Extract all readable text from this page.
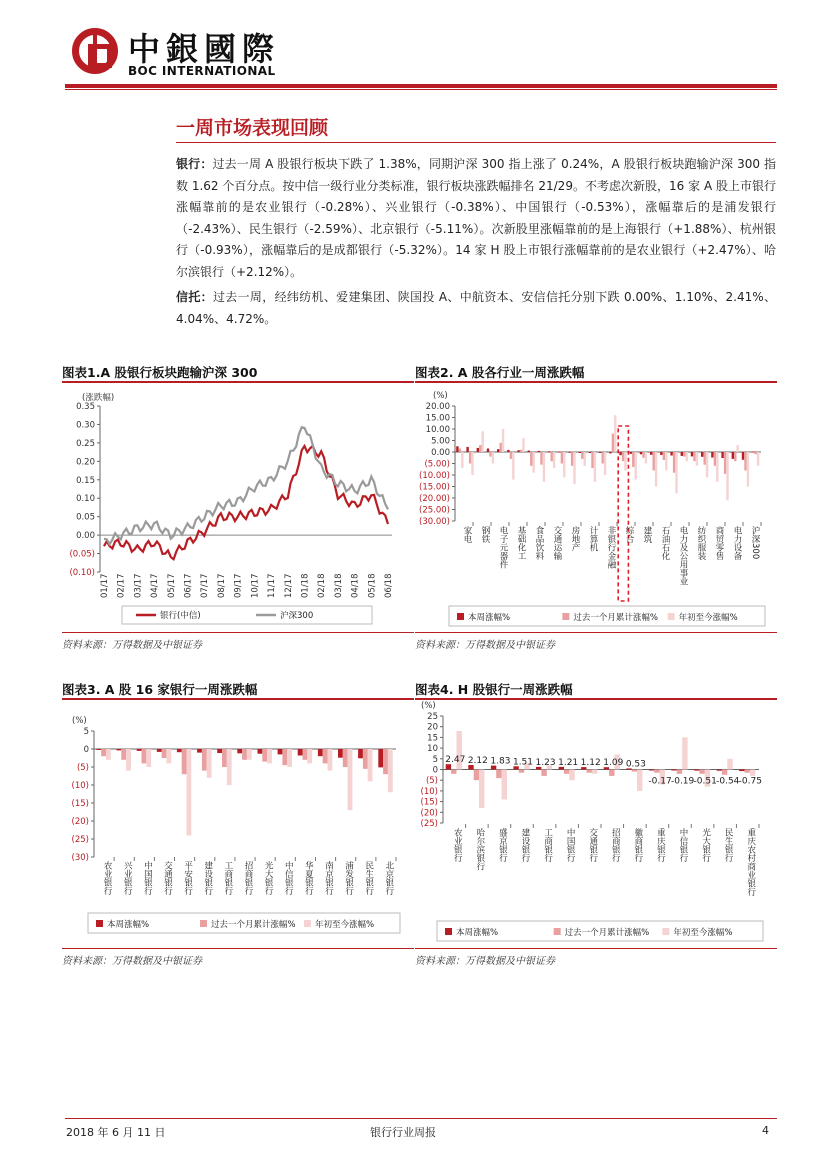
中銀國際
BOC INTERNATIONAL
一周市场表现回顾
银行：过去一周 A 股银行板块下跌了 1.38%，同期沪深 300 指上涨了 0.24%，A 股银行板块跑输沪深 300 指数 1.62 个百分点。按中信一级行业分类标准，银行板块涨跌幅排名 21/29。不考虑次新股，16 家 A 股上市银行涨幅靠前的是农业银行（-0.28%）、兴业银行（-0.38%）、中国银行（-0.53%），涨幅靠后的是浦发银行（-2.43%）、民生银行（-2.59%）、北京银行（-5.11%）。次新股里涨幅靠前的是上海银行（+1.88%）、杭州银行（-0.93%），涨幅靠后的是成都银行（-5.32%）。14 家 H 股上市银行涨幅靠前的是农业银行（+2.47%）、哈尔滨银行（+2.12%）。
信托：过去一周，经纬纺机、爱建集团、陕国投 A、中航资本、安信信托分别下跌 0.00%、1.10%、2.41%、4.04%、4.72%。
图表1.A 股银行板块跑输沪深 300
(涨跌幅)
0.35
0.30
0.25
0.20
0.15
0.10
0.05
0.00
(0.05)
(0.10)
01/17 02/17 03/17 04/17 05/17 06/17 07/17 08/17 09/17 10/17 11/17 12/17 01/18 02/18 03/18 04/18 05/18 06/18
银行(中信)	沪深300
资料来源：万得数据及中银证券
图表2. A 股各行业一周涨跌幅
(%)
20.00
15.00
10.00
5.00
0.00
(5.00)
(10.00)
(15.00)
(20.00)
(25.00)
(30.00)
家电 钢铁 电子元器件 基础化工 食品饮料 交通运输 房地产 计算机 非银行金融 综合 建筑 石油石化 电力及公用事业 纺织服装 商贸零售 电力设备 沪深300
本周涨幅%	过去一个月累计涨幅% 年初至今涨幅%
资料来源：万得数据及中银证券
图表3. A 股 16 家银行一周涨跌幅
(%)
5
0
(5)
(10)
(15)
(20)
(25)
(30)
农业银行 兴业银行 中国银行 交通银行 平安银行 建设银行 工商银行 招商银行 光大银行 中信银行 华夏银行 南京银行 浦发银行 民生银行 北京银行
本周涨幅%	过去一个月累计涨幅% 年初至今涨幅%
资料来源：万得数据及中银证券
图表4. H 股银行一周涨跌幅
(%)
25
20
15
10
5
0
(5)
(10)
(15)
(20)
(25)
2.47 2.12 1.83 1.51 1.23 1.21 1.12 1.09 0.53
-0.17 -0.19 -0.51 -0.54 -0.75
农业银行 哈尔滨银行 盛京银行 建设银行 工商银行 中国银行 交通银行 招商银行 徽商银行 重庆银行 中信银行 光大银行 民生银行 重庆农村商业银行
本周涨幅%	过去一个月累计涨幅%	年初至今涨幅%
资料来源：万得数据及中银证券
2018 年 6 月 11 日	银行行业周报	4
